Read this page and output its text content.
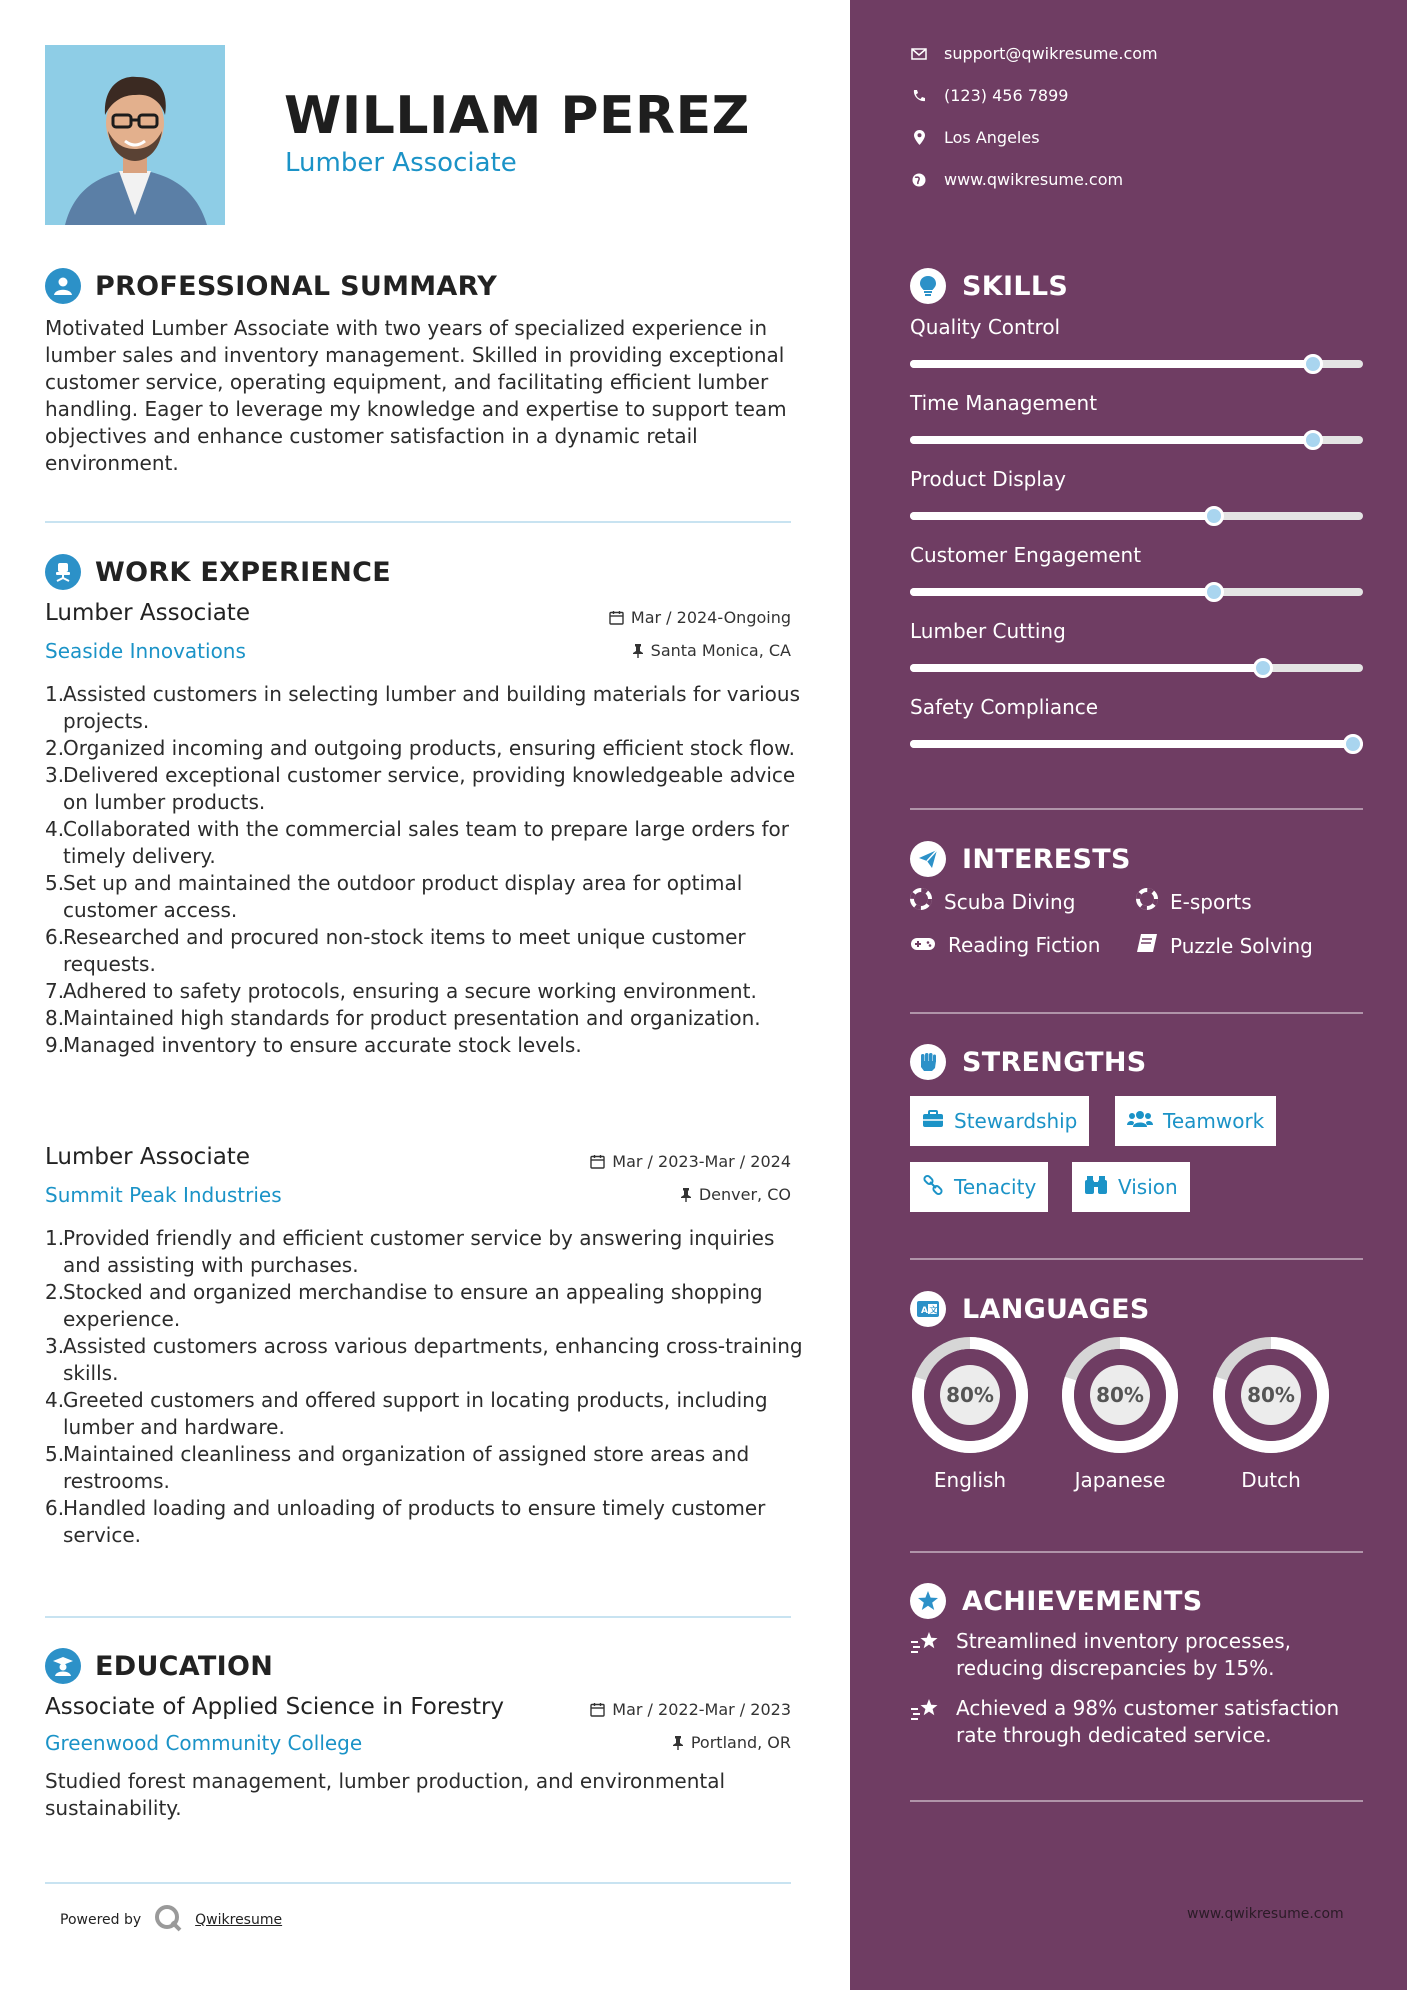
WILLIAM PEREZ
Lumber Associate
PROFESSIONAL SUMMARY
Motivated Lumber Associate with two years of specialized experience in lumber sales and inventory management. Skilled in providing exceptional customer service, operating equipment, and facilitating efficient lumber handling. Eager to leverage my knowledge and expertise to support team objectives and enhance customer satisfaction in a dynamic retail environment.
WORK EXPERIENCE
Lumber Associate	Mar / 2024-Ongoing
Seaside Innovations	Santa Monica, CA
1.
Assisted customers in selecting lumber and building materials for various projects.
2.
Organized incoming and outgoing products, ensuring efficient stock flow.
3.
Delivered exceptional customer service, providing knowledgeable advice on lumber products.
4.
Collaborated with the commercial sales team to prepare large orders for timely delivery.
5.
Set up and maintained the outdoor product display area for optimal customer access.
6.
Researched and procured non-stock items to meet unique customer requests.
7.
Adhered to safety protocols, ensuring a secure working environment.
8.
Maintained high standards for product presentation and organization.
9.
Managed inventory to ensure accurate stock levels.
Lumber Associate	Mar / 2023-Mar / 2024
Summit Peak Industries	Denver, CO
1.
Provided friendly and efficient customer service by answering inquiries and assisting with purchases.
2.
Stocked and organized merchandise to ensure an appealing shopping experience.
3.
Assisted customers across various departments, enhancing cross-training skills.
4.
Greeted customers and offered support in locating products, including lumber and hardware.
5.
Maintained cleanliness and organization of assigned store areas and restrooms.
6.
Handled loading and unloading of products to ensure timely customer service.
EDUCATION
Associate of Applied Science in Forestry	Mar / 2022-Mar / 2023
Greenwood Community College	Portland, OR
Studied forest management, lumber production, and environmental sustainability.
Powered by	Qwikresume
support@qwikresume.com
(123) 456 7899
Los Angeles
www.qwikresume.com
SKILLS
Quality Control
Time Management
Product Display
Customer Engagement
Lumber Cutting
Safety Compliance
INTERESTS
Scuba Diving	E-sports
Reading Fiction	Puzzle Solving
STRENGTHS
Stewardship	Teamwork
Tenacity	Vision
A 文 LANGUAGES
80%
English
80%
Japanese
80%
Dutch
ACHIEVEMENTS
Streamlined inventory processes, reducing discrepancies by 15%.
Achieved a 98% customer satisfaction rate through dedicated service.
www.qwikresume.com
